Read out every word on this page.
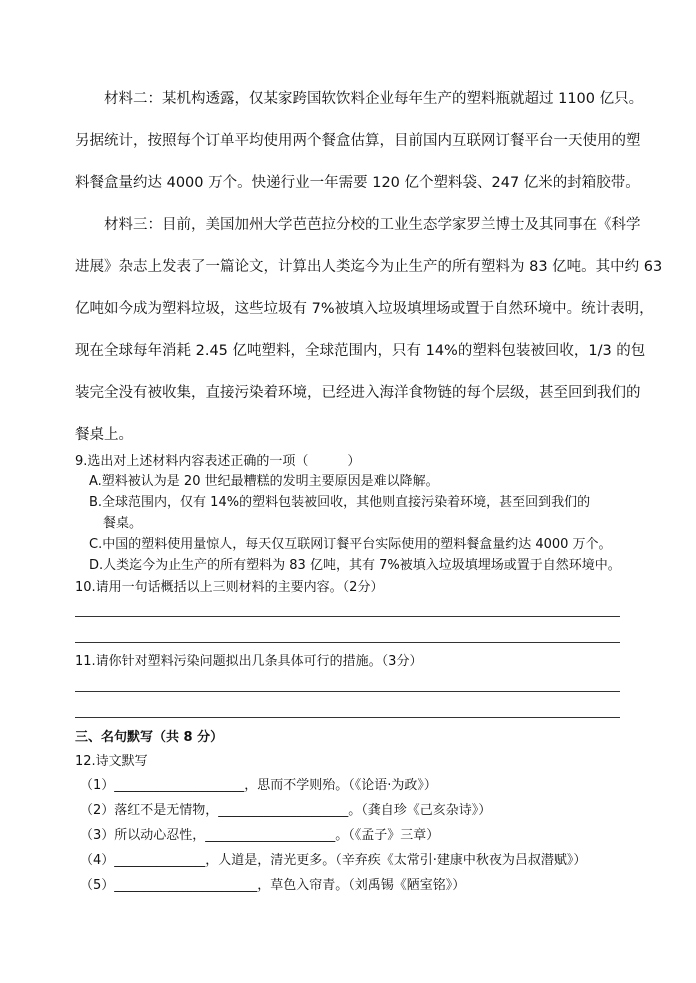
材料二：某机构透露，仅某家跨国软饮料企业每年生产的塑料瓶就超过 1100 亿只。
另据统计，按照每个订单平均使用两个餐盒估算，目前国内互联网订餐平台一天使用的塑
料餐盒量约达 4000 万个。快递行业一年需要 120 亿个塑料袋、247 亿米的封箱胶带。
材料三：目前，美国加州大学芭芭拉分校的工业生态学家罗兰博士及其同事在《科学
进展》杂志上发表了一篇论文，计算出人类迄今为止生产的所有塑料为 83 亿吨。其中约 63
亿吨如今成为塑料垃圾，这些垃圾有 7%被填入垃圾填埋场或置于自然环境中。统计表明，
现在全球每年消耗 2.45 亿吨塑料，全球范围内，只有 14%的塑料包装被回收，1/3 的包
装完全没有被收集，直接污染着环境，已经进入海洋食物链的每个层级，甚至回到我们的
餐桌上。

9.选出对上述材料内容表述正确的一项（　　　）

A.塑料被认为是 20 世纪最糟糕的发明主要原因是难以降解。
B.全球范围内，仅有 14%的塑料包装被回收，其他则直接污染着环境，甚至回到我们的
餐桌。
C.中国的塑料使用量惊人，每天仅互联网订餐平台实际使用的塑料餐盒量约达 4000 万个。
D.人类迄今为止生产的所有塑料为 83 亿吨，其有 7%被填入垃圾填埋场或置于自然环境中。

10.请用一句话概括以上三则材料的主要内容。（2分）

11.请你针对塑料污染问题拟出几条具体可行的措施。（3分）

三、名句默写（共 8 分）

12.诗文默写

（1）____________________，思而不学则殆。（《论语·为政》）
（2）落红不是无情物，____________________。（龚自珍《己亥杂诗》）
（3）所以动心忍性，____________________。（《孟子》三章）
（4）______________，人道是，清光更多。（辛弃疾《太常引·建康中秋夜为吕叔潜赋》）
（5）______________________，草色入帘青。（刘禹锡《陋室铭》）
